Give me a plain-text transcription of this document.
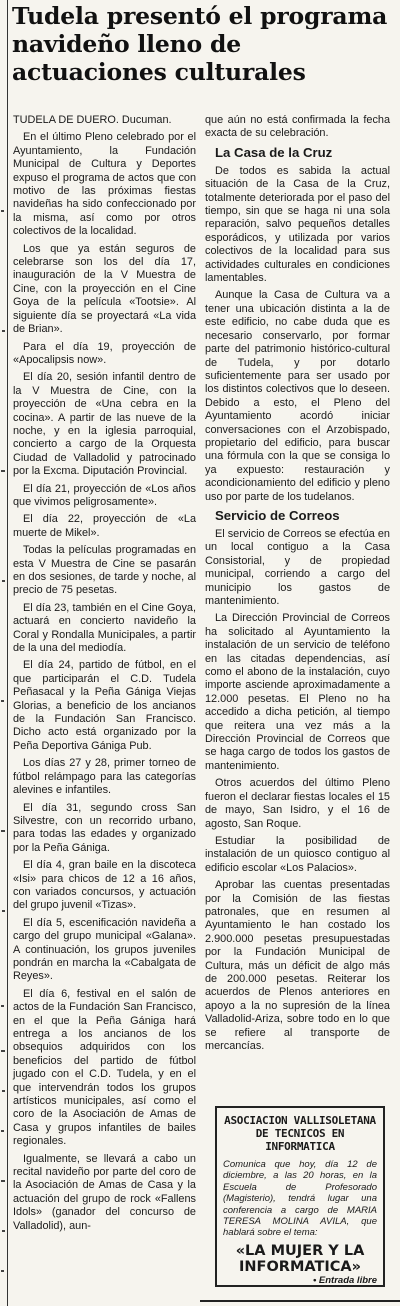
Tudela presentó el programa navideño lleno de actuaciones culturales

TUDELA DE DUERO. Ducuman.

En el último Pleno celebrado por el Ayuntamiento, la Fundación Municipal de Cultura y Deportes expuso el programa de actos que con motivo de las próximas fiestas navideñas ha sido confeccionado por la misma, así como por otros colectivos de la localidad.

Los que ya están seguros de celebrarse son los del día 17, inauguración de la V Muestra de Cine, con la proyección en el Cine Goya de la película «Tootsie». Al siguiente día se proyectará «La vida de Brian».

Para el día 19, proyección de «Apocalipsis now».

El día 20, sesión infantil dentro de la V Muestra de Cine, con la proyección de «Una cebra en la cocina». A partir de las nueve de la noche, y en la iglesia parroquial, concierto a cargo de la Orquesta Ciudad de Valladolid y patrocinado por la Excma. Diputación Provincial.

El día 21, proyección de «Los años que vivimos peligrosamente».

El día 22, proyección de «La muerte de Mikel».

Todas la películas programadas en esta V Muestra de Cine se pasarán en dos sesiones, de tarde y noche, al precio de 75 pesetas.

El día 23, también en el Cine Goya, actuará en concierto navideño la Coral y Rondalla Municipales, a partir de la una del mediodía.

El día 24, partido de fútbol, en el que participarán el C.D. Tudela Peñasacal y la Peña Gániga Viejas Glorias, a beneficio de los ancianos de la Fundación San Francisco. Dicho acto está organizado por la Peña Deportiva Gániga Pub.

Los días 27 y 28, primer torneo de fútbol relámpago para las categorías alevines e infantiles.

El día 31, segundo cross San Silvestre, con un recorrido urbano, para todas las edades y organizado por la Peña Gániga.

El día 4, gran baile en la discoteca «Isi» para chicos de 12 a 16 años, con variados concursos, y actuación del grupo juvenil «Tizas».

El día 5, escenificación navideña a cargo del grupo municipal «Galana». A continuación, los grupos juveniles pondrán en marcha la «Cabalgata de Reyes».

El día 6, festival en el salón de actos de la Fundación San Francisco, en el que la Peña Gániga hará entrega a los ancianos de los obsequios adquiridos con los beneficios del partido de fútbol jugado con el C.D. Tudela, y en el que intervendrán todos los grupos artísticos municipales, así como el coro de la Asociación de Amas de Casa y grupos infantiles de bailes regionales.

Igualmente, se llevará a cabo un recital navideño por parte del coro de la Asociación de Amas de Casa y la actuación del grupo de rock «Fallens Idols» (ganador del concurso de Valladolid), aun-

que aún no está confirmada la fecha exacta de su celebración.

La Casa de la Cruz

De todos es sabida la actual situación de la Casa de la Cruz, totalmente deteriorada por el paso del tiempo, sin que se haga ni una sola reparación, salvo pequeños detalles esporádicos, y utilizada por varios colectivos de la localidad para sus actividades culturales en condiciones lamentables.

Aunque la Casa de Cultura va a tener una ubicación distinta a la de este edificio, no cabe duda que es necesario conservarlo, por formar parte del patrimonio histórico-cultural de Tudela, y por dotarlo suficientemente para ser usado por los distintos colectivos que lo deseen. Debido a esto, el Pleno del Ayuntamiento acordó iniciar conversaciones con el Arzobispado, propietario del edificio, para buscar una fórmula con la que se consiga lo ya expuesto: restauración y acondicionamiento del edificio y pleno uso por parte de los tudelanos.

Servicio de Correos

El servicio de Correos se efectúa en un local contiguo a la Casa Consistorial, y de propiedad municipal, corriendo a cargo del municipio los gastos de mantenimiento.

La Dirección Provincial de Correos ha solicitado al Ayuntamiento la instalación de un servicio de teléfono en las citadas dependencias, así como el abono de la instalación, cuyo importe asciende aproximadamente a 12.000 pesetas. El Pleno no ha accedido a dicha petición, al tiempo que reitera una vez más a la Dirección Provincial de Correos que se haga cargo de todos los gastos de mantenimiento.

Otros acuerdos del último Pleno fueron el declarar fiestas locales el 15 de mayo, San Isidro, y el 16 de agosto, San Roque.

Estudiar la posibilidad de instalación de un quiosco contiguo al edificio escolar «Los Palacios».

Aprobar las cuentas presentadas por la Comisión de las fiestas patronales, que en resumen al Ayuntamiento le han costado los 2.900.000 pesetas presupuestadas por la Fundación Municipal de Cultura, más un déficit de algo más de 200.000 pesetas. Reiterar los acuerdos de Plenos anteriores en apoyo a la no supresión de la línea Valladolid-Ariza, sobre todo en lo que se refiere al transporte de mercancías.

ASOCIACION VALLISOLETANA DE TECNICOS EN INFORMATICA

Comunica que hoy, día 12 de diciembre, a las 20 horas, en la Escuela de Profesorado (Magisterio), tendrá lugar una conferencia a cargo de MARIA TERESA MOLINA AVILA, que hablará sobre el tema:

«LA MUJER Y LA INFORMATICA»
• Entrada libre
